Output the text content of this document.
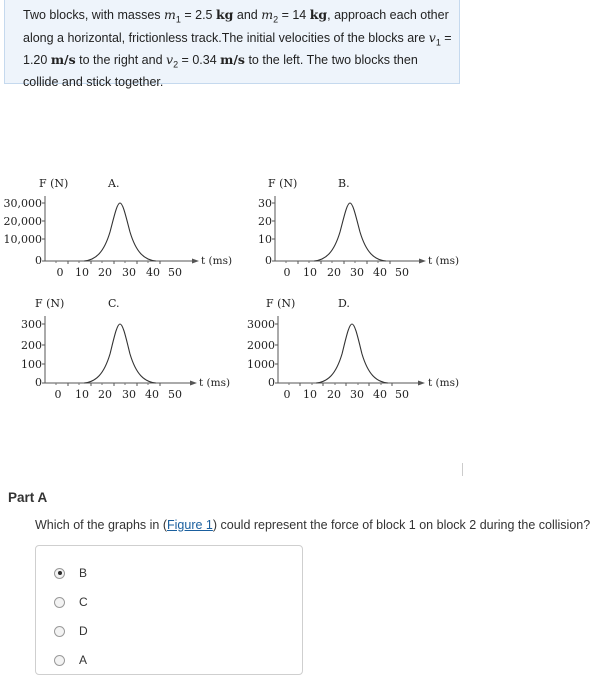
Two blocks, with masses $m_1 = 2.5$ kg and $m_2 = 14$ kg, approach each other along a horizontal, frictionless track.The initial velocities of the blocks are $v_1 = 1.20$ m/s to the right and $v_2 = 0.34$ m/s to the left. The two blocks then collide and stick together.
F (N)	A.
30,000
20,000
10,000
0
0 10 20 30 40 50
t (ms)
F (N)	B.
30
20
10
0
0 10 20 30 40 50
t (ms)
F (N)	C.
300
200
100
0
0 10 20 30 40 50
t (ms)
F (N)	D.
3000
2000
1000
0
0 10 20 30 40 50
t (ms)
Part A
Which of the graphs in (Figure 1) could represent the force of block 1 on block 2 during the collision?
B
C
D
A
